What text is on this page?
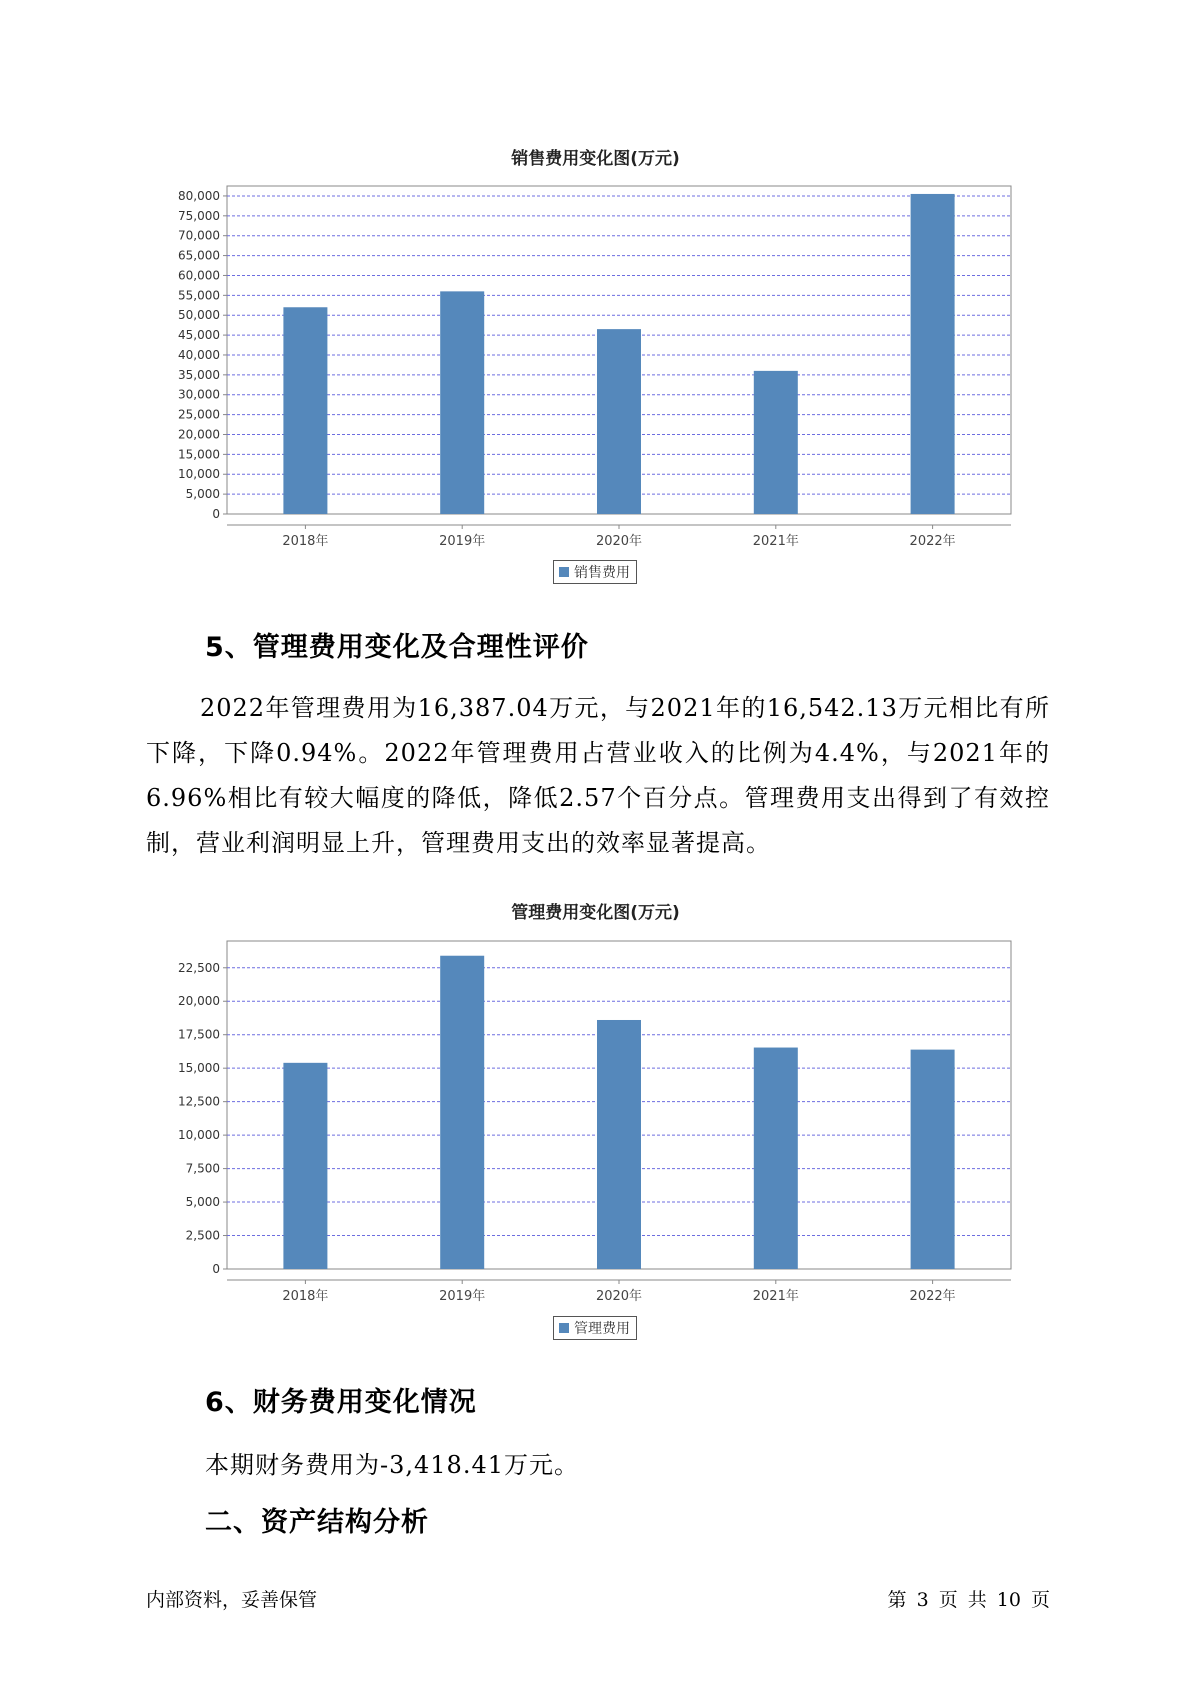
销售费用变化图(万元)
0
5,000
10,000
15,000
20,000
25,000
30,000
35,000
40,000
45,000
50,000
55,000
60,000
65,000
70,000
75,000
80,000
2018年	2019年	2020年	2021年	2022年
销售费用
5、管理费用变化及合理性评价
2022年管理费用为16,387.04万元，与2021年的16,542.13万元相比有所下降，下降0.94%。2022年管理费用占营业收入的比例为4.4%，与2021年的6.96%相比有较大幅度的降低，降低2.57个百分点。管理费用支出得到了有效控制，营业利润明显上升，管理费用支出的效率显著提高。
管理费用变化图(万元)
0
2,500
5,000
7,500
10,000
12,500
15,000
17,500
20,000
22,500
2018年	2019年	2020年	2021年	2022年
管理费用
6、财务费用变化情况
本期财务费用为-3,418.41万元。
二、资产结构分析
内部资料，妥善保管	第 3 页 共 10 页
